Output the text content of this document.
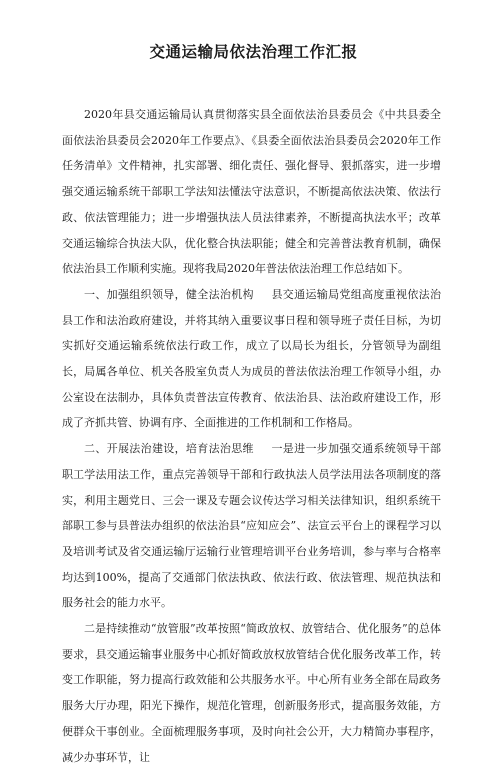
交通运输局依法治理工作汇报

2020年县交通运输局认真贯彻落实县全面依法治县委员会《中共县委全面依法治县委员会2020年工作要点》、《县委全面依法治县委员会2020年工作任务清单》文件精神，扎实部署、细化责任、强化督导、狠抓落实，进一步增强交通运输系统干部职工学法知法懂法守法意识，不断提高依法决策、依法行政、依法管理能力；进一步增强执法人员法律素养，不断提高执法水平；改革交通运输综合执法大队，优化整合执法职能；健全和完善普法教育机制，确保依法治县工作顺利实施。现将我局2020年普法依法治理工作总结如下。

一、加强组织领导，健全法治机构 县交通运输局党组高度重视依法治县工作和法治政府建设，并将其纳入重要议事日程和领导班子责任目标，为切实抓好交通运输系统依法行政工作，成立了以局长为组长，分管领导为副组长，局属各单位、机关各股室负责人为成员的普法依法治理工作领导小组，办公室设在法制办，具体负责普法宣传教育、依法治县、法治政府建设工作，形成了齐抓共管、协调有序、全面推进的工作机制和工作格局。

二、开展法治建设，培育法治思维 一是进一步加强交通系统领导干部职工学法用法工作，重点完善领导干部和行政执法人员学法用法各项制度的落实，利用主题党日、三会一课及专题会议传达学习相关法律知识，组织系统干部职工参与县普法办组织的依法治县“应知应会”、法宣云平台上的课程学习以及培训考试及省交通运输厅运输行业管理培训平台业务培训，参与率与合格率均达到100%，提高了交通部门依法执政、依法行政、依法管理、规范执法和服务社会的能力水平。

二是持续推动“放管服”改革按照“简政放权、放管结合、优化服务”的总体要求，县交通运输事业服务中心抓好简政放权放管结合优化服务改革工作，转变工作职能，努力提高行政效能和公共服务水平。中心所有业务全部在局政务服务大厅办理，阳光下操作，规范化管理，创新服务形式，提高服务效能，方便群众干事创业。全面梳理服务事项，及时向社会公开，大力精简办事程序，减少办事环节，让
